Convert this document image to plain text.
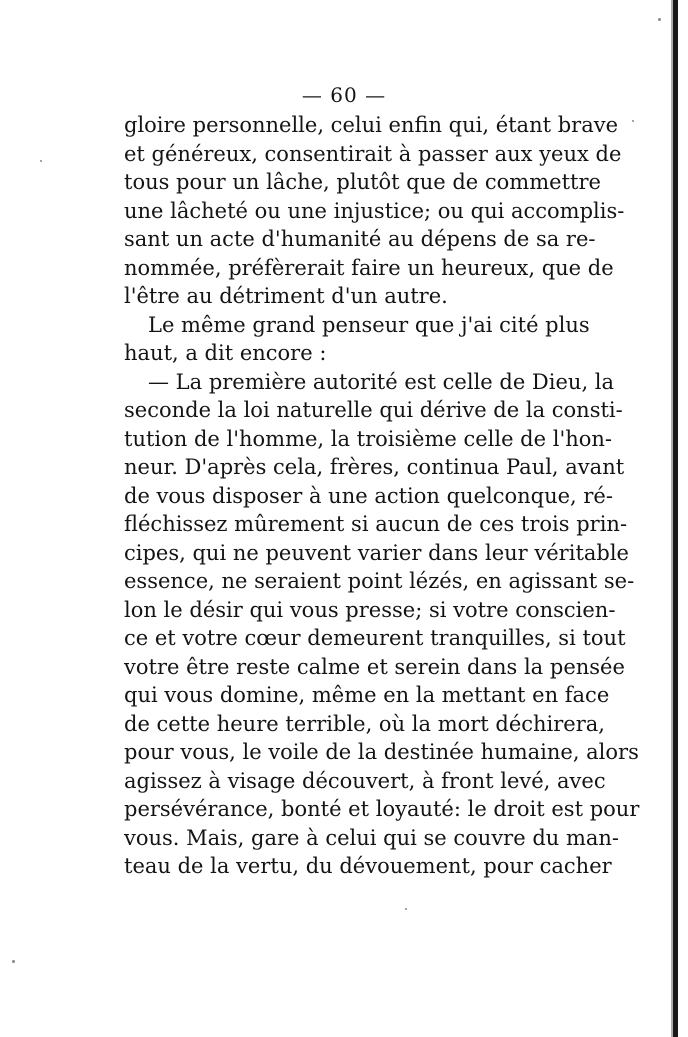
— 60 —
gloire personnelle, celui enfin qui, étant brave
et généreux, consentirait à passer aux yeux de
tous pour un lâche, plutôt que de commettre
une lâcheté ou une injustice; ou qui accomplis-
sant un acte d'humanité au dépens de sa re-
nommée, préfèrerait faire un heureux, que de
l'être au détriment d'un autre.
Le même grand penseur que j'ai cité plus
haut, a dit encore :
— La première autorité est celle de Dieu, la
seconde la loi naturelle qui dérive de la consti-
tution de l'homme, la troisième celle de l'hon-
neur. D'après cela, frères, continua Paul, avant
de vous disposer à une action quelconque, ré-
fléchissez mûrement si aucun de ces trois prin-
cipes, qui ne peuvent varier dans leur véritable
essence, ne seraient point lézés, en agissant se-
lon le désir qui vous presse; si votre conscien-
ce et votre cœur demeurent tranquilles, si tout
votre être reste calme et serein dans la pensée
qui vous domine, même en la mettant en face
de cette heure terrible, où la mort déchirera,
pour vous, le voile de la destinée humaine, alors
agissez à visage découvert, à front levé, avec
persévérance, bonté et loyauté: le droit est pour
vous. Mais, gare à celui qui se couvre du man-
teau de la vertu, du dévouement, pour cacher
